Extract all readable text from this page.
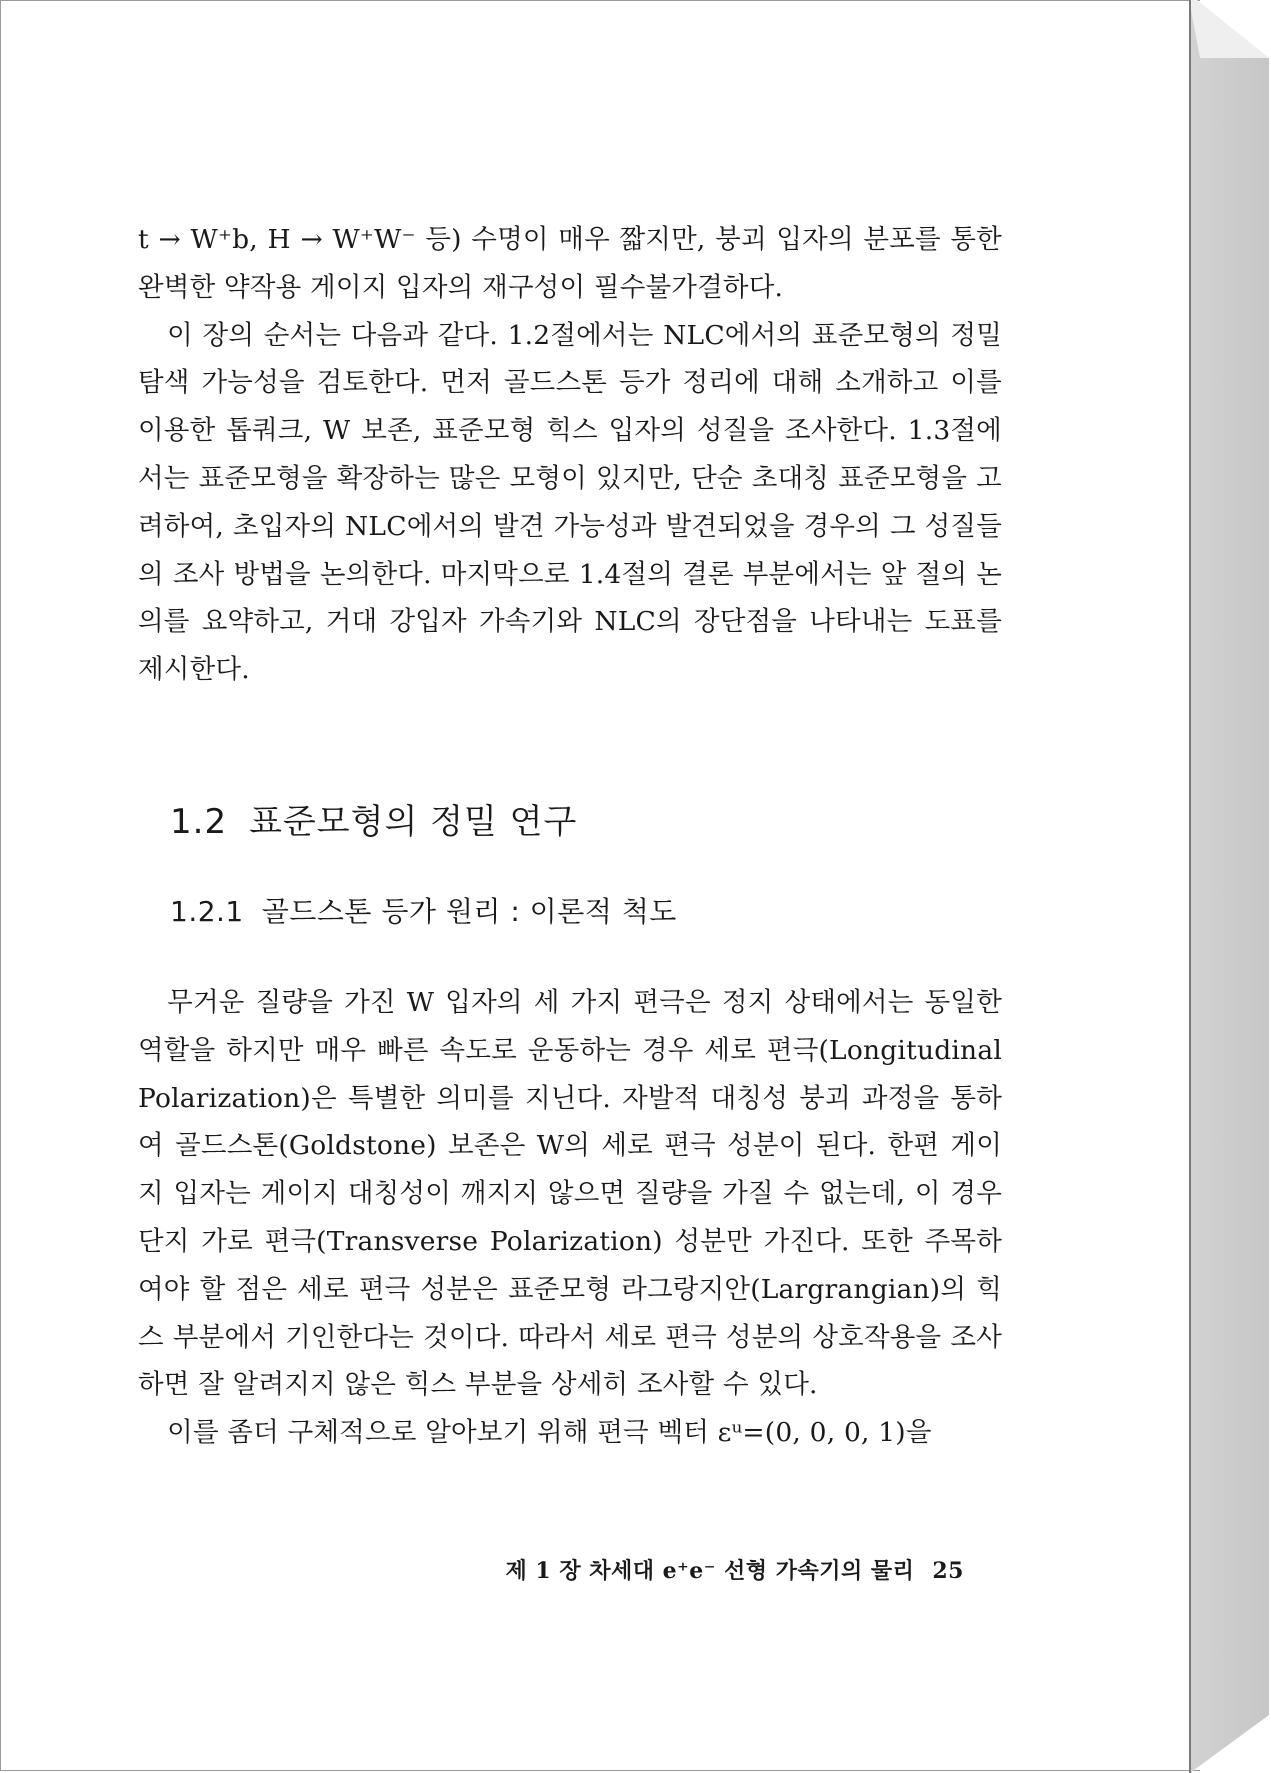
t → W⁺b, H → W⁺W⁻ 등) 수명이 매우 짧지만, 붕괴 입자의 분포를 통한 완벽한 약작용 게이지 입자의 재구성이 필수불가결하다.

이 장의 순서는 다음과 같다. 1.2절에서는 NLC에서의 표준모형의 정밀 탐색 가능성을 검토한다. 먼저 골드스톤 등가 정리에 대해 소개하고 이를 이용한 톱쿼크, W 보존, 표준모형 힉스 입자의 성질을 조사한다. 1.3절에서는 표준모형을 확장하는 많은 모형이 있지만, 단순 초대칭 표준모형을 고려하여, 초입자의 NLC에서의 발견 가능성과 발견되었을 경우의 그 성질들의 조사 방법을 논의한다. 마지막으로 1.4절의 결론 부분에서는 앞 절의 논의를 요약하고, 거대 강입자 가속기와 NLC의 장단점을 나타내는 도표를 제시한다.

1.2 표준모형의 정밀 연구
1.2.1 골드스톤 등가 원리 : 이론적 척도

무거운 질량을 가진 W 입자의 세 가지 편극은 정지 상태에서는 동일한 역할을 하지만 매우 빠른 속도로 운동하는 경우 세로 편극(Longitudinal Polarization)은 특별한 의미를 지닌다. 자발적 대칭성 붕괴 과정을 통하여 골드스톤(Goldstone) 보존은 W의 세로 편극 성분이 된다. 한편 게이지 입자는 게이지 대칭성이 깨지지 않으면 질량을 가질 수 없는데, 이 경우 단지 가로 편극(Transverse Polarization) 성분만 가진다. 또한 주목하여야 할 점은 세로 편극 성분은 표준모형 라그랑지안(Largrangian)의 힉스 부분에서 기인한다는 것이다. 따라서 세로 편극 성분의 상호작용을 조사하면 잘 알려지지 않은 힉스 부분을 상세히 조사할 수 있다.

이를 좀더 구체적으로 알아보기 위해 편극 벡터 εᵘ=(0, 0, 0, 1)을

제 1 장 차세대 e⁺e⁻ 선형 가속기의 물리 25
